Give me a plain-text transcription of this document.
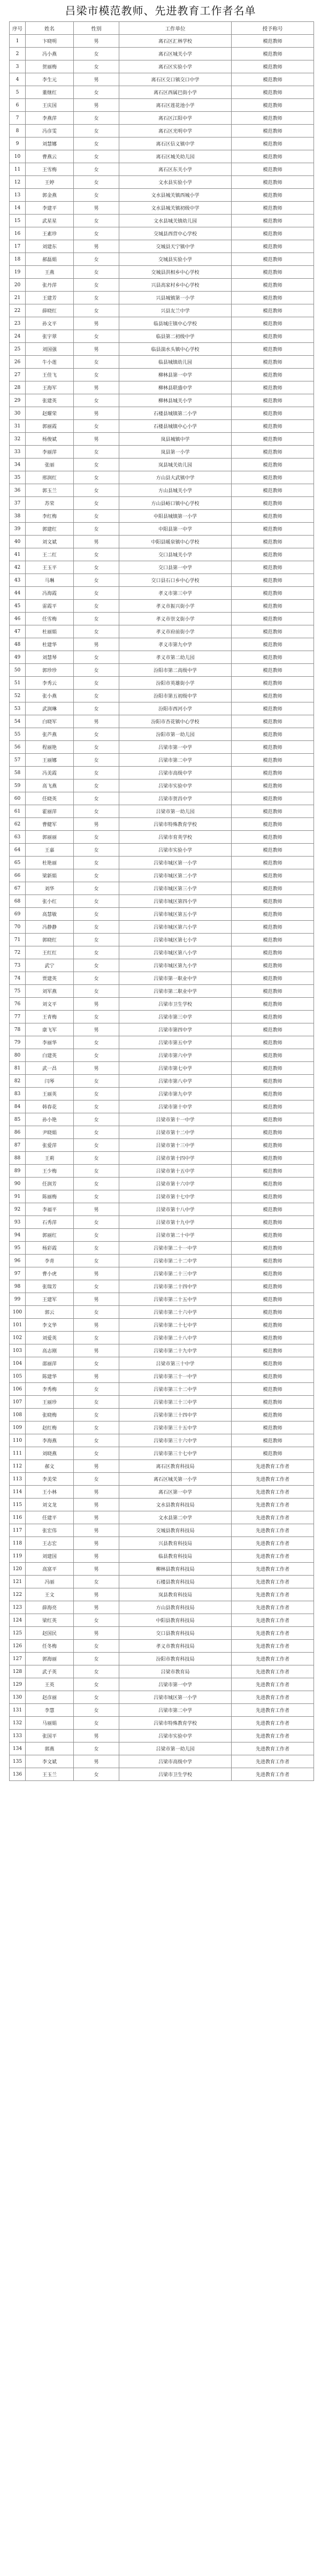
吕梁市模范教师、先进教育工作者名单
序号	姓名	性别	工作单位	授予称号
1	卞晓明	男	离石区汇林学校	模范教师
2	冯小燕	女	离石区城关小学	模范教师
3	贺丽梅	女	离石区实验小学	模范教师
4	李生元	男	离石区交口镇交口中学	模范教师
5	董继红	女	离石区西属巴街小学	模范教师
6	王庆国	男	离石区莲花池小学	模范教师
7	李燕萍	女	离石区江阳中学	模范教师
8	冯彦雯	女	离石区光明中学	模范教师
9	刘慧娜	女	离石区信义镇中学	模范教师
10	曹燕云	女	离石区城关幼儿园	模范教师
11	王雪梅	女	离石区东关小学	模范教师
12	王婷	女	文水县实验小学	模范教师
13	郭金燕	女	文水县城关镇西城小学	模范教师
14	李建平	男	文水县城关镇初级中学	模范教师
15	武星星	女	文水县城关镇幼儿园	模范教师
16	王素珍	女	交城县西营中心学校	模范教师
17	刘建东	男	交城县天宁镇中学	模范教师
18	郝磊娟	女	交城县实验小学	模范教师
19	王燕	女	交城县洪相乡中心学校	模范教师
20	张丹萍	女	兴县高家村乡中心学校	模范教师
21	王建芳	女	兴县城镇第一小学	模范教师
22	薛晓红	女	兴县友兰中学	模范教师
23	孙文平	男	临县城庄镇中心学校	模范教师
24	张宇翠	女	临县第二初级中学	模范教师
25	刘国强	男	临县湍水头镇中心学校	模范教师
26	牛小莲	女	临县城镇幼儿园	模范教师
27	王佳飞	女	柳林县第一中学	模范教师
28	王海军	男	柳林县联盛中学	模范教师
29	张建英	女	柳林县城关小学	模范教师
30	赵耀荣	男	石楼县城镇第二小学	模范教师
31	郭丽霞	女	石楼县城镇中心小学	模范教师
32	杨俊斌	男	岚县城镇中学	模范教师
33	李丽萍	女	岚县第一小学	模范教师
34	张丽	女	岚县城关幼儿园	模范教师
35	邢润红	女	方山县大武镇中学	模范教师
36	郭玉兰	女	方山县城关小学	模范教师
37	苏荣	女	方山县峪口镇中心学校	模范教师
38	李红梅	女	中阳县城镇第一小学	模范教师
39	郭建红	女	中阳县第一中学	模范教师
40	刘文斌	男	中阳县暖泉镇中心学校	模范教师
41	王二红	女	交口县城关小学	模范教师
42	王玉平	女	交口县第一中学	模范教师
43	马琳	女	交口县石口乡中心学校	模范教师
44	冯海霞	女	孝义市第三中学	模范教师
45	雷霞平	女	孝义市振兴街小学	模范教师
46	任雪梅	女	孝义市崇文街小学	模范教师
47	杜丽娟	女	孝义市府前街小学	模范教师
48	杜建华	男	孝义市第九中学	模范教师
49	刘慧琴	女	孝义市第二幼儿园	模范教师
50	郭珍珍	女	汾阳市第二高级中学	模范教师
51	李秀云	女	汾阳市英雄街小学	模范教师
52	张小燕	女	汾阳市第五初级中学	模范教师
53	武润琳	女	汾阳市西河小学	模范教师
54	白晓军	男	汾阳市杏花镇中心学校	模范教师
55	张芦燕	女	汾阳市第一幼儿园	模范教师
56	程丽艳	女	吕梁市第一中学	模范教师
57	王丽娜	女	吕梁市第二中学	模范教师
58	冯美霞	女	吕梁市高级中学	模范教师
59	高飞燕	女	吕梁市实验中学	模范教师
60	任晓英	女	吕梁市贺昌中学	模范教师
61	霍丽萍	女	吕梁市第一幼儿园	模范教师
62	曹健军	男	吕梁市特殊教育学校	模范教师
63	郭丽丽	女	吕梁市育英学校	模范教师
64	王嘉	女	吕梁市实验小学	模范教师
65	杜艳丽	女	吕梁市城区第一小学	模范教师
66	梁新娟	女	吕梁市城区第二小学	模范教师
67	刘华	女	吕梁市城区第三小学	模范教师
68	张小红	女	吕梁市城区第四小学	模范教师
69	高慧敏	女	吕梁市城区第五小学	模范教师
70	冯静静	女	吕梁市城区第六小学	模范教师
71	郭晓红	女	吕梁市城区第七小学	模范教师
72	王红红	女	吕梁市城区第八小学	模范教师
73	武宁	女	吕梁市城区第九小学	模范教师
74	贾建英	女	吕梁市第一职业中学	模范教师
75	刘军燕	女	吕梁市第二职业中学	模范教师
76	刘文平	男	吕梁市卫生学校	模范教师
77	王青梅	女	吕梁市第三中学	模范教师
78	康飞军	男	吕梁市第四中学	模范教师
79	李丽华	女	吕梁市第五中学	模范教师
80	白建英	女	吕梁市第六中学	模范教师
81	武一昌	男	吕梁市第七中学	模范教师
82	闫琴	女	吕梁市第八中学	模范教师
83	王丽英	女	吕梁市第九中学	模范教师
84	韩春花	女	吕梁市第十中学	模范教师
85	孙小艳	女	吕梁市第十一中学	模范教师
86	尹晓娟	女	吕梁市第十二中学	模范教师
87	张爱萍	女	吕梁市第十三中学	模范教师
88	王莉	女	吕梁市第十四中学	模范教师
89	王少梅	女	吕梁市第十五中学	模范教师
90	任润芳	女	吕梁市第十六中学	模范教师
91	陈丽梅	女	吕梁市第十七中学	模范教师
92	李福平	男	吕梁市第十八中学	模范教师
93	石秀萍	女	吕梁市第十九中学	模范教师
94	郭丽红	女	吕梁市第二十中学	模范教师
95	杨彩霞	女	吕梁市第二十一中学	模范教师
96	李青	女	吕梁市第二十二中学	模范教师
97	曹小虎	男	吕梁市第二十三中学	模范教师
98	张瑞芳	女	吕梁市第二十四中学	模范教师
99	王建军	男	吕梁市第二十五中学	模范教师
100	郭云	女	吕梁市第二十六中学	模范教师
101	李文华	男	吕梁市第二十七中学	模范教师
102	刘爱英	女	吕梁市第二十八中学	模范教师
103	高志刚	男	吕梁市第二十九中学	模范教师
104	邵丽萍	女	吕梁市第三十中学	模范教师
105	陈建华	男	吕梁市第三十一中学	模范教师
106	李秀梅	女	吕梁市第三十二中学	模范教师
107	王丽珍	女	吕梁市第三十三中学	模范教师
108	张晓梅	女	吕梁市第三十四中学	模范教师
109	赵红梅	女	吕梁市第三十五中学	模范教师
110	李海燕	女	吕梁市第三十六中学	模范教师
111	刘晓燕	女	吕梁市第三十七中学	模范教师
112	郝文	男	离石区教育科技局	先进教育工作者
113	李美荣	女	离石区城关第一小学	先进教育工作者
114	王小林	男	离石区第一中学	先进教育工作者
115	刘文龙	男	文水县教育科技局	先进教育工作者
116	任建平	男	文水县第二中学	先进教育工作者
117	张宏伟	男	交城县教育科技局	先进教育工作者
118	王志宏	男	兴县教育科技局	先进教育工作者
119	刘建国	男	临县教育科技局	先进教育工作者
120	高富平	男	柳林县教育科技局	先进教育工作者
121	冯丽	女	石楼县教育科技局	先进教育工作者
122	王文	男	岚县教育科技局	先进教育工作者
123	薛海亮	男	方山县教育科技局	先进教育工作者
124	梁红英	女	中阳县教育科技局	先进教育工作者
125	赵国民	男	交口县教育科技局	先进教育工作者
126	任冬梅	女	孝义市教育科技局	先进教育工作者
127	郭海丽	女	汾阳市教育科技局	先进教育工作者
128	武子英	女	吕梁市教育局	先进教育工作者
129	王英	女	吕梁市第一中学	先进教育工作者
130	赵彦丽	女	吕梁市城区第一小学	先进教育工作者
131	李慧	女	吕梁市第二中学	先进教育工作者
132	马丽娟	女	吕梁市特殊教育学校	先进教育工作者
133	张国平	男	吕梁市实验中学	先进教育工作者
134	郭燕	女	吕梁市第一幼儿园	先进教育工作者
135	李文斌	男	吕梁市高级中学	先进教育工作者
136	王玉兰	女	吕梁市卫生学校	先进教育工作者
